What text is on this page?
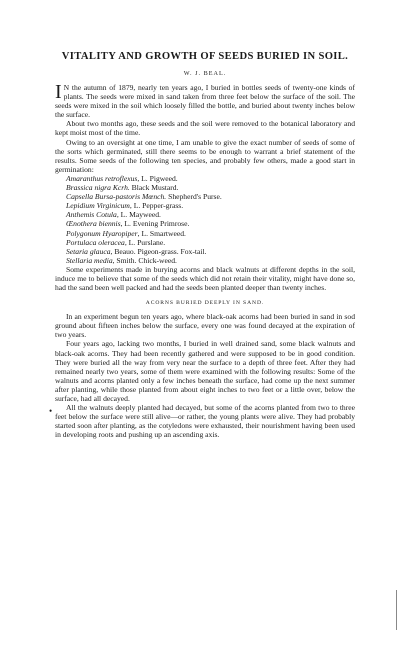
VITALITY AND GROWTH OF SEEDS BURIED IN SOIL.
W. J. BEAL.

I N the autumn of 1879, nearly ten years ago, I buried in bottles seeds of twenty-one kinds of plants. The seeds were mixed in sand taken from three feet below the surface of the soil. The seeds were mixed in the soil which loosely filled the bottle, and buried about twenty inches below the surface.

About two months ago, these seeds and the soil were removed to the botanical laboratory and kept moist most of the time.

Owing to an oversight at one time, I am unable to give the exact number of seeds of some of the sorts which germinated, still there seems to be enough to warrant a brief statement of the results. Some seeds of the following ten species, and probably few others, made a good start in germination:

Amaranthus retroflexus, L. Pigweed.
Brassica nigra Kcrh. Black Mustard.
Capsella Bursa-pastoris Mœnch. Shepherd's Purse.
Lepidium Virginicum, L. Pepper-grass.
Anthemis Cotula, L. Mayweed.
Œnothera biennis, L. Evening Primrose.
Polygonum Hyaropiper, L. Smartweed.
Portulaca oleracea, L. Purslane.
Setaria glauca, Beauo. Pigeon-grass. Fox-tail.
Stellaria media, Smith. Chick-weed.

Some experiments made in burying acorns and black walnuts at different depths in the soil, induce me to believe that some of the seeds which did not retain their vitality, might have done so, had the sand been well packed and had the seeds been planted deeper than twenty inches.

ACORNS BURIED DEEPLY IN SAND.

In an experiment begun ten years ago, where black-oak acorns had been buried in sand in sod ground about fifteen inches below the surface, every one was found decayed at the expiration of two years.

Four years ago, lacking two months, I buried in well drained sand, some black walnuts and black-oak acorns. They had been recently gathered and were supposed to be in good condition. They were buried all the way from very near the surface to a depth of three feet. After they had remained nearly two years, some of them were examined with the following results: Some of the walnuts and acorns planted only a few inches beneath the surface, had come up the next summer after planting, while those planted from about eight inches to two feet or a little over, below the surface, had all decayed.

All the walnuts deeply planted had decayed, but some of the acorns planted from two to three feet below the surface were still alive—or rather, the young plants were alive. They had probably started soon after planting, as the cotyledons were exhausted, their nourishment having been used in developing roots and pushing up an ascending axis.

•
